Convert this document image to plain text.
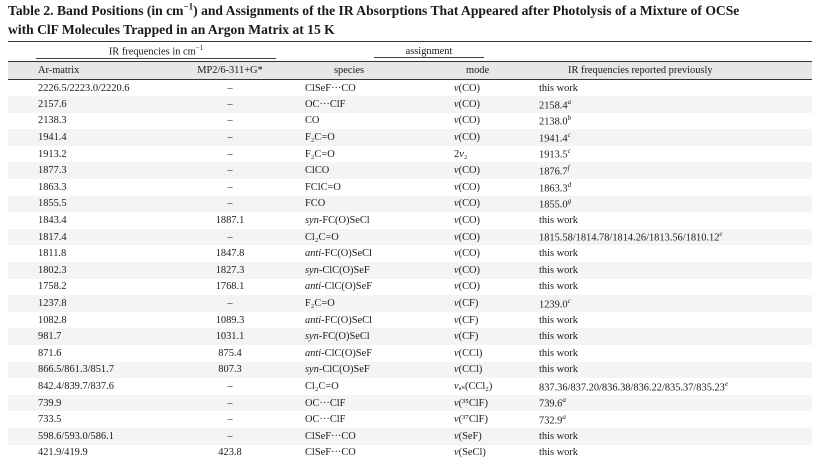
Table 2. Band Positions (in $cm^{-1}$) and Assignments of the IR Absorptions That Appeared after Photolysis of a Mixture of OCSe
with ClF Molecules Trapped in an Argon Matrix at 15 K
IR frequencies in $cm^{-1}$		assignment		
Ar-matrix	MP2/6-311+G*	species	mode	IR frequencies reported previously
2226.5/2223.0/2220.6	–	ClSeF···CO	ν(CO)	this work
2157.6	–	OC···ClF	ν(CO)	2158.4$^a$
2138.3	–	CO	ν(CO)	2138.0$^b$
1941.4	–	F₂C=O	ν(CO)	1941.4$^c$
1913.2	–	F₂C=O	2ν₂	1913.5$^c$
1877.3	–	ClCO	ν(CO)	1876.7$^f$
1863.3	–	FClC=O	ν(CO)	1863.3$^d$
1855.5	–	FCO	ν(CO)	1855.0$^g$
1843.4	1887.1	syn-FC(O)SeCl	ν(CO)	this work
1817.4	–	Cl₂C=O	ν(CO)	1815.58/1814.78/1814.26/1813.56/1810.12e
1811.8	1847.8	anti-FC(O)SeCl	ν(CO)	this work
1802.3	1827.3	syn-ClC(O)SeF	ν(CO)	this work
1758.2	1768.1	anti-ClC(O)SeF	ν(CO)	this work
1237.8	–	F₂C=O	ν(CF)	1239.0$^c$
1082.8	1089.3	anti-FC(O)SeCl	ν(CF)	this work
981.7	1031.1	syn-FC(O)SeCl	ν(CF)	this work
871.6	875.4	anti-ClC(O)SeF	ν(CCl)	this work
866.5/861.3/851.7	807.3	syn-ClC(O)SeF	ν(CCl)	this work
842.4/839.7/837.6	–	Cl₂C=O	νₐₛ(CCl₂)	837.36/837.20/836.38/836.22/835.37/835.23e
739.9	–	OC···ClF	ν(³⁵ClF)	739.6$^a$
733.5	–	OC···ClF	ν(³⁷ClF)	732.9$^a$
598.6/593.0/586.1	–	ClSeF···CO	ν(SeF)	this work
421.9/419.9	423.8	ClSeF···CO	ν(SeCl)	this work
